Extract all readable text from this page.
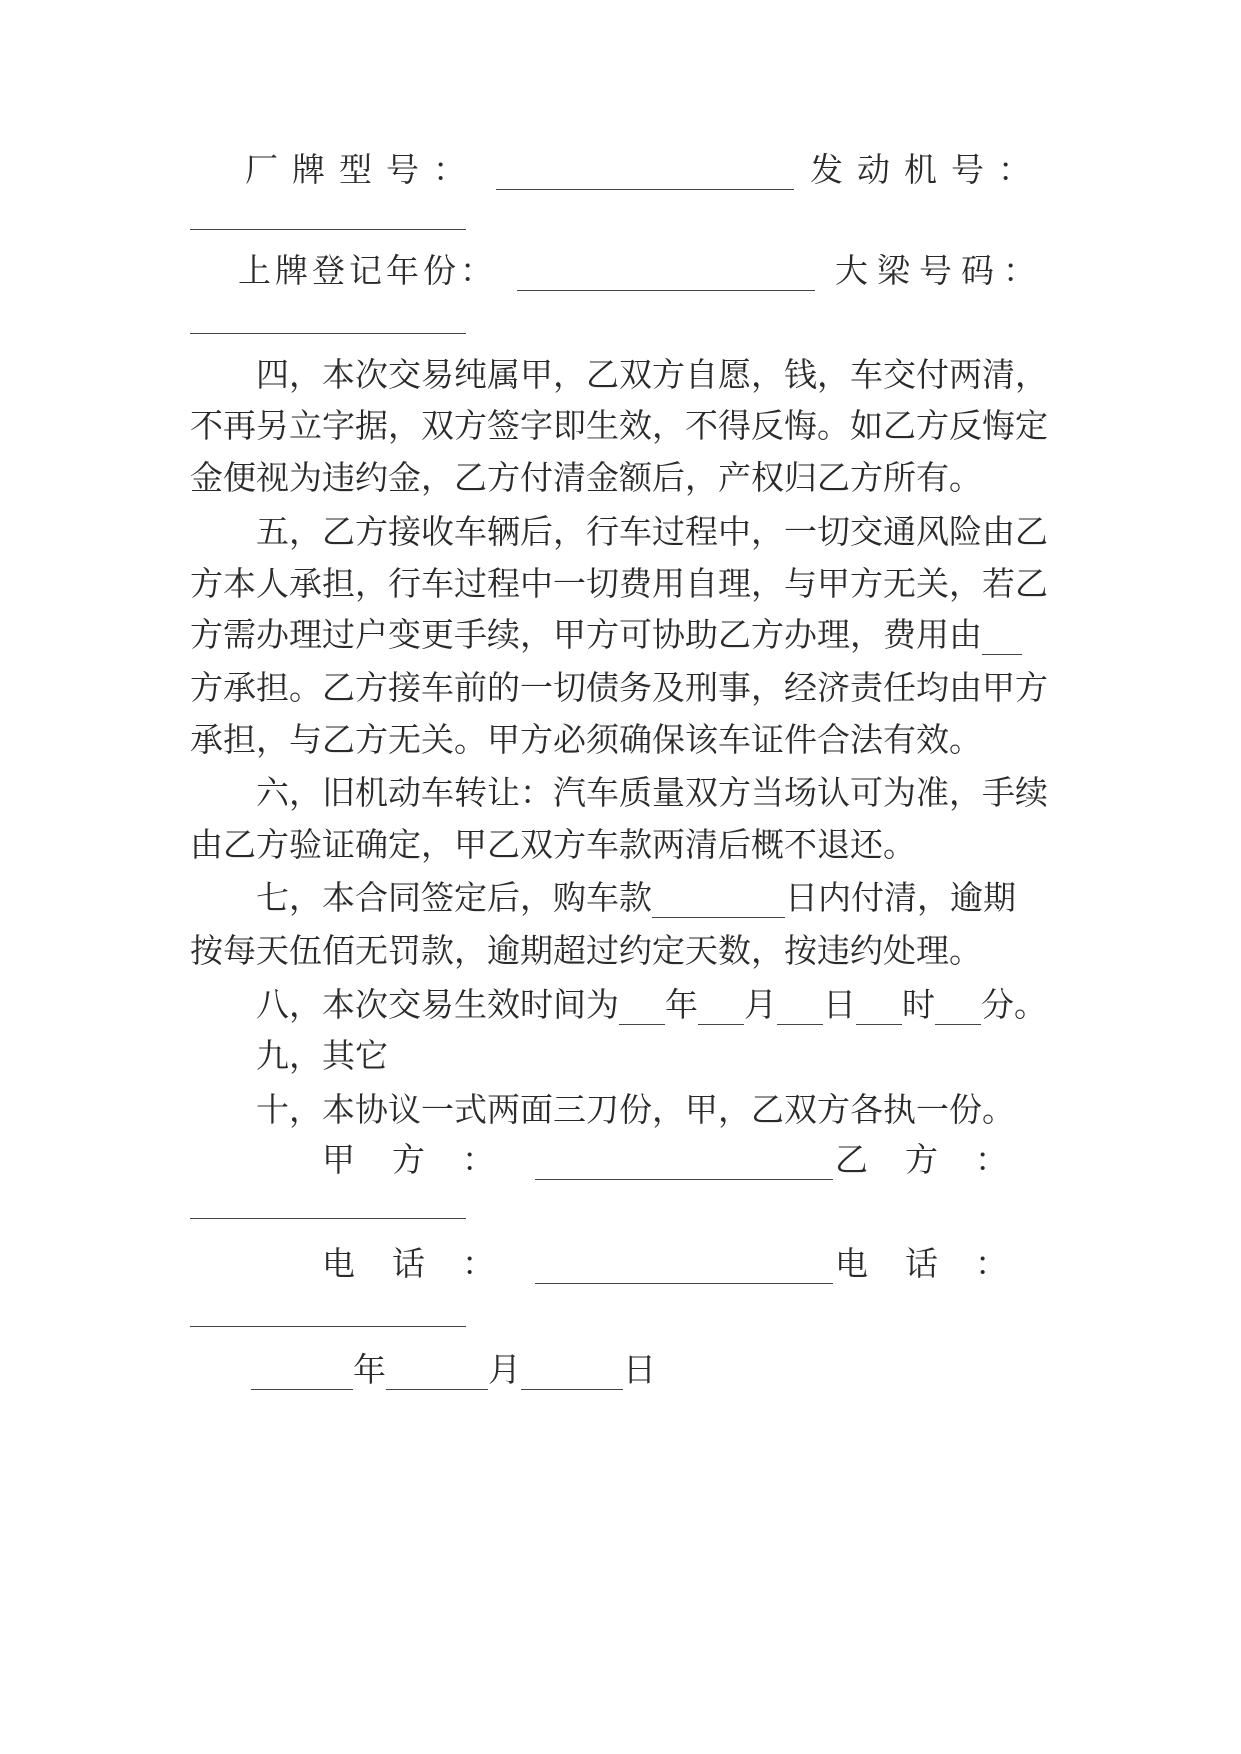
厂牌型号：	发动机号：
上牌登记年份：	大梁号码：
四，本次交易纯属甲，乙双方自愿，钱，车交付两清，
不再另立字据，双方签字即生效，不得反悔。如乙方反悔定
金便视为违约金，乙方付清金额后，产权归乙方所有。
五，乙方接收车辆后，行车过程中，一切交通风险由乙
方本人承担，行车过程中一切费用自理，与甲方无关，若乙
方需办理过户变更手续，甲方可协助乙方办理，费用由
方承担。乙方接车前的一切债务及刑事，经济责任均由甲方
承担，与乙方无关。甲方必须确保该车证件合法有效。
六，旧机动车转让：汽车质量双方当场认可为准，手续
由乙方验证确定，甲乙双方车款两清后概不退还。
七，本合同签定后，购车款	日内付清，逾期
按每天伍佰无罚款，逾期超过约定天数，按违约处理。
八，本次交易生效时间为 年 月 日 时 分。
九，其它
十，本协议一式两面三刀份，甲，乙双方各执一份。
甲方：	乙方：
电话：	电话：
年	月	日
